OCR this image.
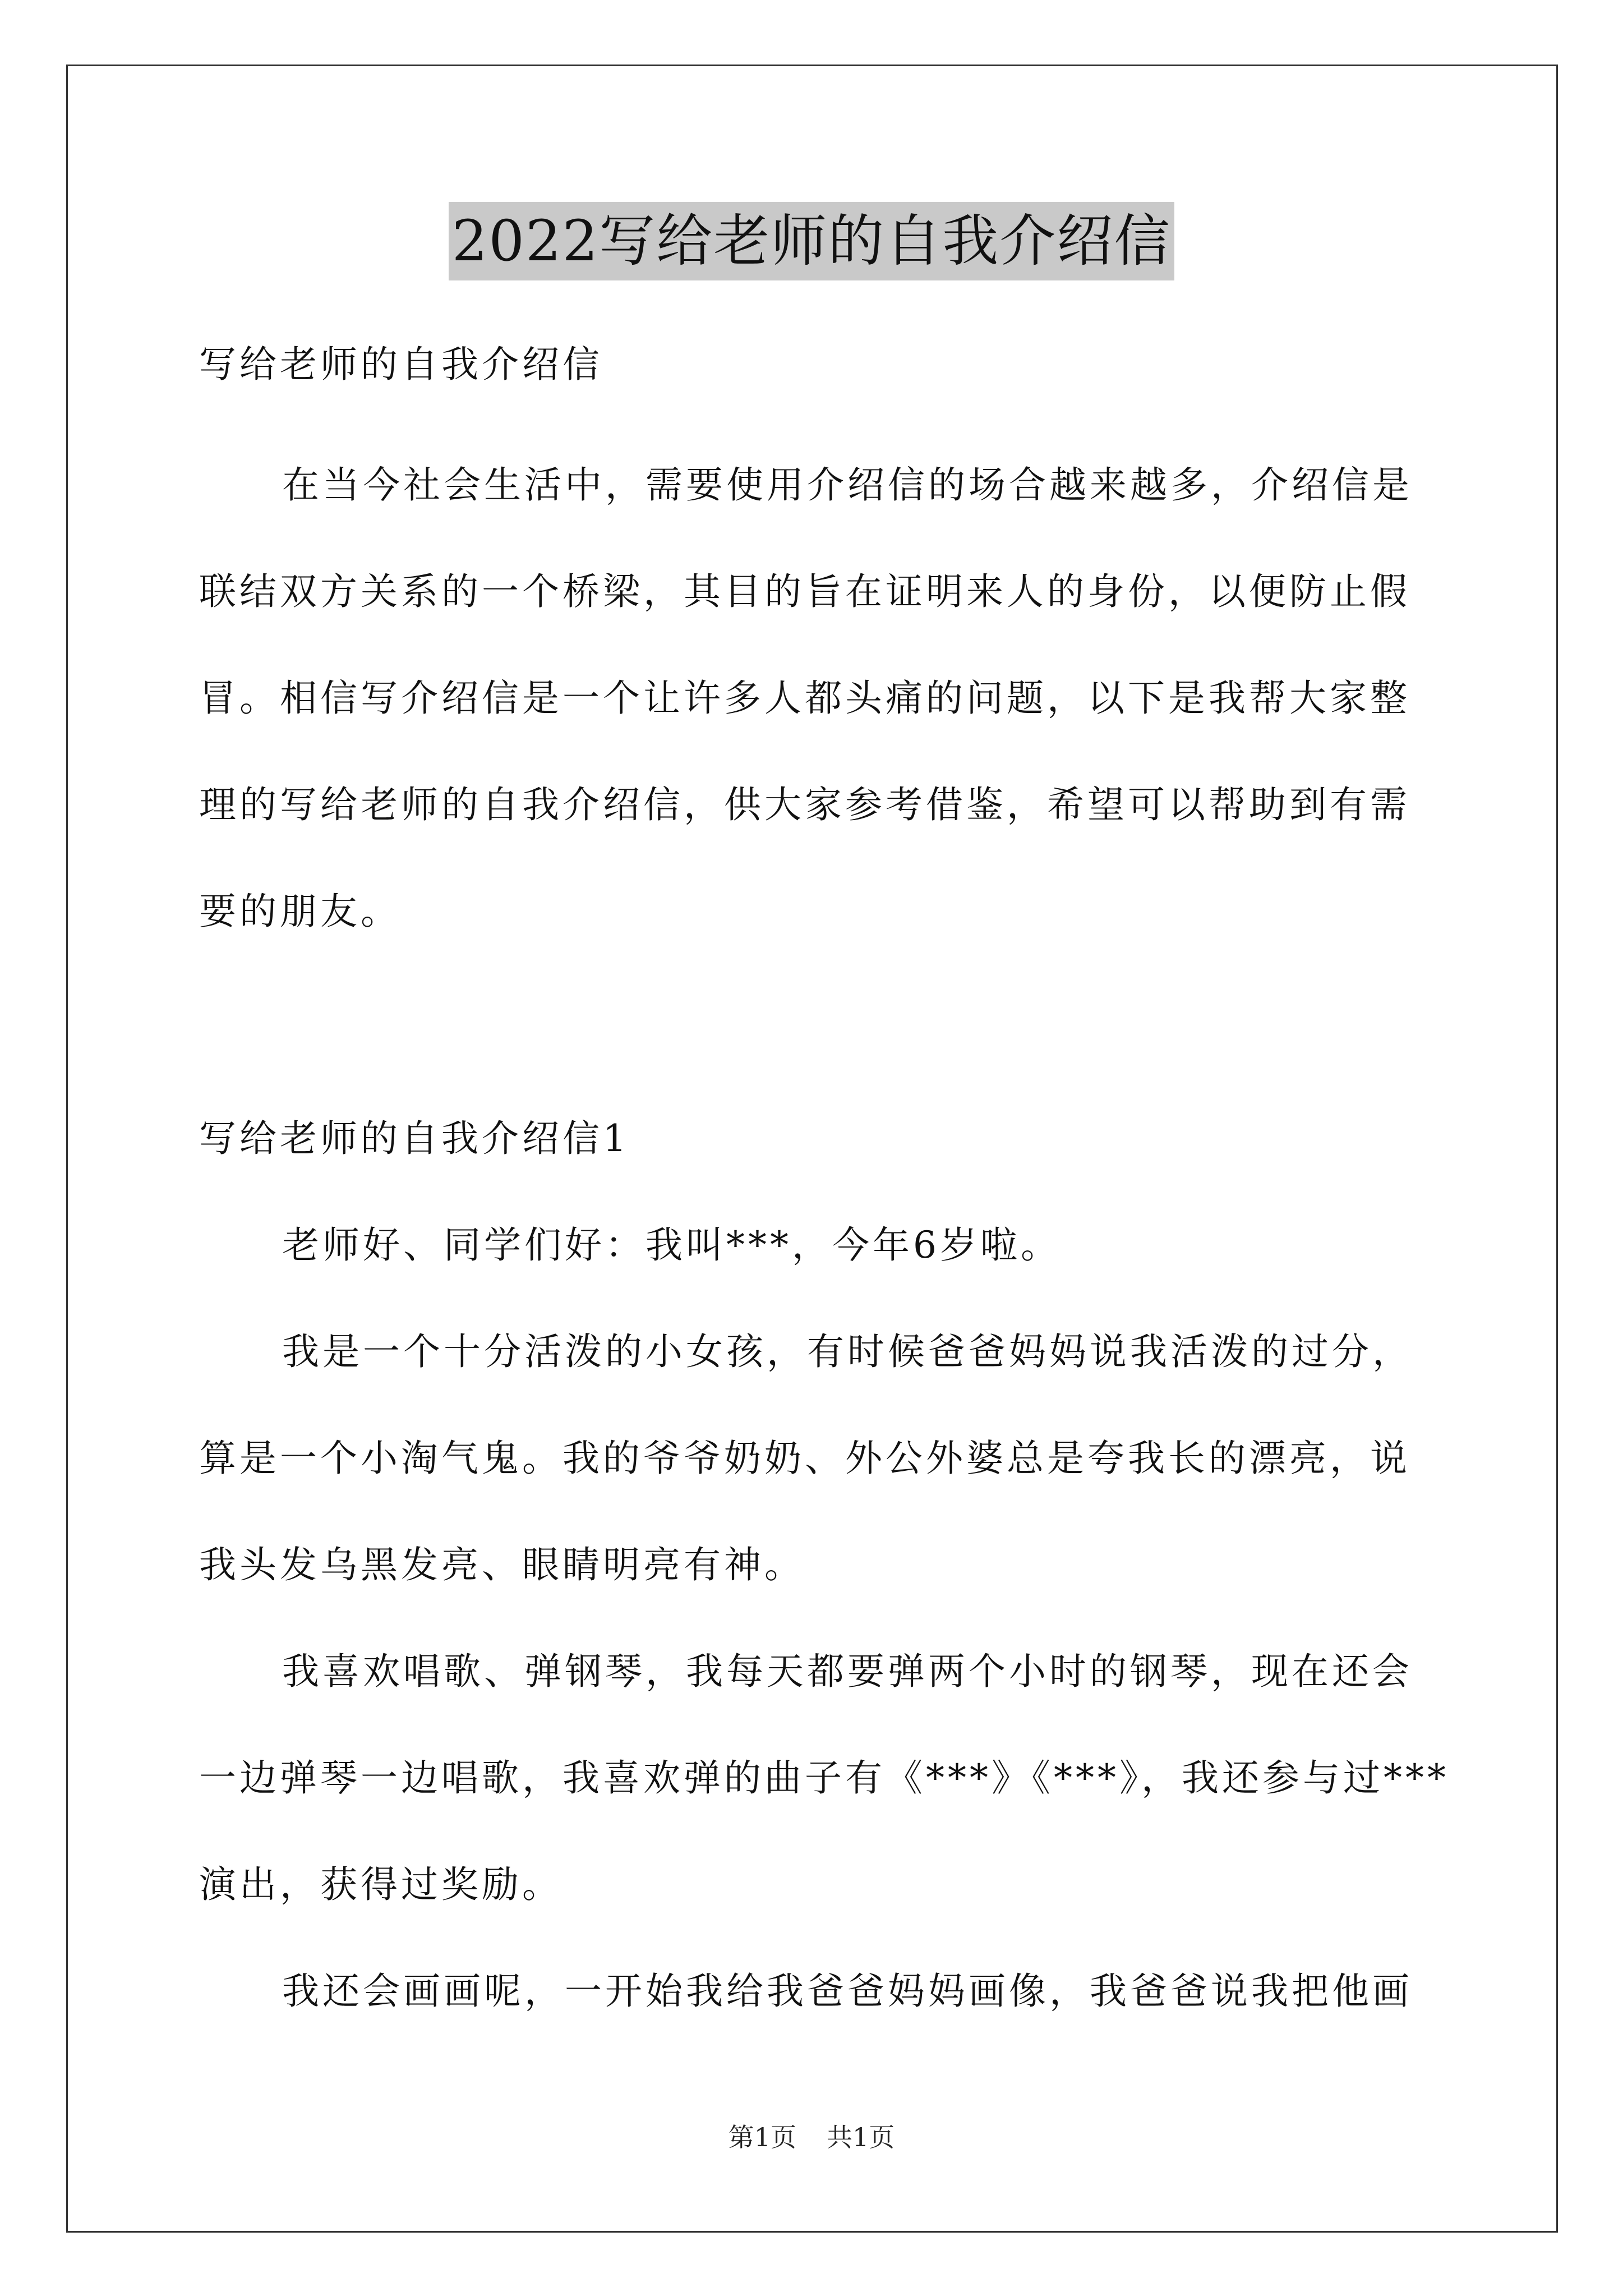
2022写给老师的自我介绍信

写给老师的自我介绍信

在当今社会生活中，需要使用介绍信的场合越来越多，介绍信是
联结双方关系的一个桥梁，其目的旨在证明来人的身份，以便防止假
冒。相信写介绍信是一个让许多人都头痛的问题，以下是我帮大家整
理的写给老师的自我介绍信，供大家参考借鉴，希望可以帮助到有需
要的朋友。

写给老师的自我介绍信1

老师好、同学们好：我叫***，今年6岁啦。

我是一个十分活泼的小女孩，有时候爸爸妈妈说我活泼的过分，
算是一个小淘气鬼。我的爷爷奶奶、外公外婆总是夸我长的漂亮，说
我头发乌黑发亮、眼睛明亮有神。

我喜欢唱歌、弹钢琴，我每天都要弹两个小时的钢琴，现在还会
一边弹琴一边唱歌，我喜欢弹的曲子有《***》《***》，我还参与过***
演出，获得过奖励。

我还会画画呢，一开始我给我爸爸妈妈画像，我爸爸说我把他画

第1页 共1页
